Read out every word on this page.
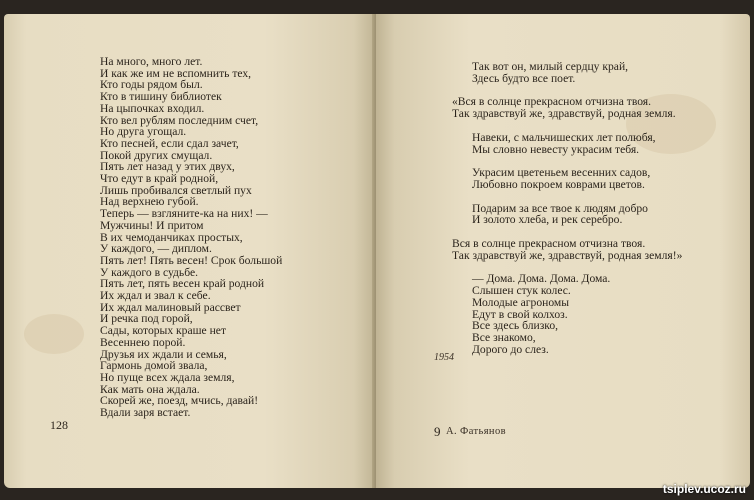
На много, много лет.
И как же им не вспомнить тех,
Кто годы рядом был.
Кто в тишину библиотек
На цыпочках входил.
Кто вел рублям последним счет,
Но друга угощал.
Кто песней, если сдал зачет,
Покой других смущал.
Пять лет назад у этих двух,
Что едут в край родной,
Лишь пробивался светлый пух
Над верхнею губой.
Теперь — взгляните-ка на них! —
Мужчины! И притом
В их чемоданчиках простых,
У каждого, — диплом.
Пять лет! Пять весен! Срок большой
У каждого в судьбе.
Пять лет, пять весен край родной
Их ждал и звал к себе.
Их ждал малиновый рассвет
И речка под горой,
Сады, которых краше нет
Весеннею порой.
Друзья их ждали и семья,
Гармонь домой звала,
Но пуще всех ждала земля,
Как мать она ждала.
Скорей же, поезд, мчись, давай!
Вдали заря встает.
Так вот он, милый сердцу край,
Здесь будто все поет.
«Вся в солнце прекрасном отчизна твоя.
Так здравствуй же, здравствуй, родная земля.
Навеки, с мальчишеских лет полюбя,
Мы словно невесту украсим тебя.
Украсим цветеньем весенних садов,
Любовно покроем коврами цветов.
Подарим за все твое к людям добро
И золото хлеба, и рек серебро.
Вся в солнце прекрасном отчизна твоя.
Так здравствуй же, здравствуй, родная земля!»
— Дома. Дома. Дома. Дома.
Слышен стук колес.
Молодые агрономы
Едут в свой колхоз.
Все здесь близко,
Все знакомо,
Дорого до слез.
128
1954
9 А. Фатьянов
tsiplev.ucoz.ru
